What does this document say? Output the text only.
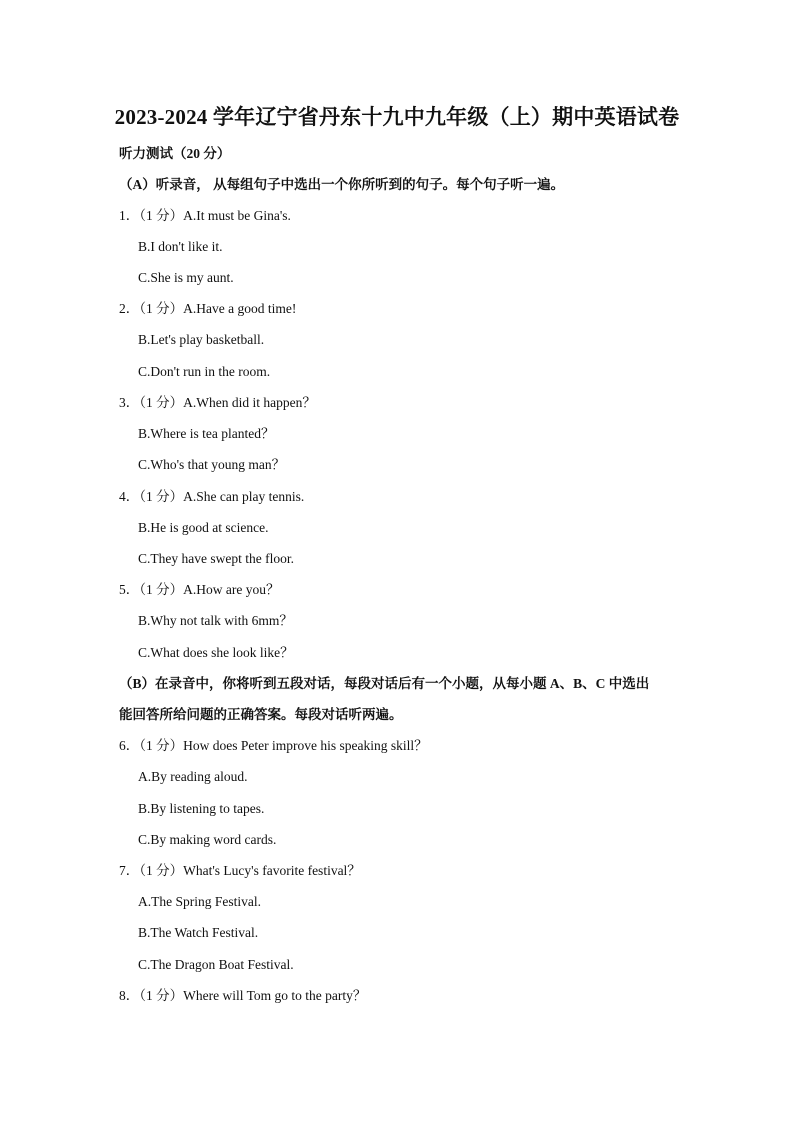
2023-2024 学年辽宁省丹东十九中九年级（上）期中英语试卷
听力测试（20 分）
（A）听录音， 从每组句子中选出一个你所听到的句子。每个句子听一遍。
1．（1 分）A.It must be Gina's.
B.I don't like it.
C.She is my aunt.
2．（1 分）A.Have a good time!
B.Let's play basketball.
C.Don't run in the room.
3．（1 分）A.When did it happen？
B.Where is tea planted？
C.Who's that young man？
4．（1 分）A.She can play tennis.
B.He is good at science.
C.They have swept the floor.
5．（1 分）A.How are you？
B.Why not talk with 6mm？
C.What does she look like？
（B）在录音中，你将听到五段对话，每段对话后有一个小题，从每小题 A、B、C 中选出
能回答所给问题的正确答案。每段对话听两遍。
6．（1 分）How does Peter improve his speaking skill？
A.By reading aloud.
B.By listening to tapes.
C.By making word cards.
7．（1 分）What's Lucy's favorite festival？
A.The Spring Festival.
B.The Watch Festival.
C.The Dragon Boat Festival.
8．（1 分）Where will Tom go to the party？
